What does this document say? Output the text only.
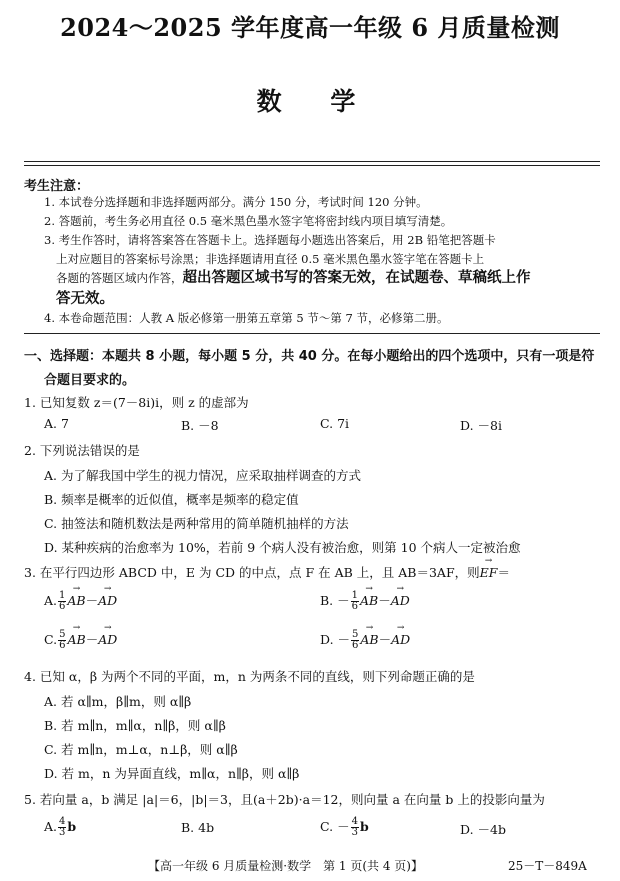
2024～2025 学年度高一年级 6 月质量检测
数 学
考生注意：
1. 本试卷分选择题和非选择题两部分。满分 150 分，考试时间 120 分钟。
2. 答题前，考生务必用直径 0.5 毫米黑色墨水签字笔将密封线内项目填写清楚。
3. 考生作答时，请将答案答在答题卡上。选择题每小题选出答案后，用 2B 铅笔把答题卡
上对应题目的答案标号涂黑；非选择题请用直径 0.5 毫米黑色墨水签字笔在答题卡上
各题的答题区域内作答，超出答题区域书写的答案无效，在试题卷、草稿纸上作
答无效。
4. 本卷命题范围：人教 A 版必修第一册第五章第 5 节～第 7 节，必修第二册。
一、选择题：本题共 8 小题，每小题 5 分，共 40 分。在每小题给出的四个选项中，只有一项是符
合题目要求的。
1. 已知复数 z＝(7－8i)i，则 z 的虚部为
A. 7	B. －8	C. 7i	D. －8i
2. 下列说法错误的是
A. 为了解我国中学生的视力情况，应采取抽样调查的方式
B. 频率是概率的近似值，概率是频率的稳定值
C. 抽签法和随机数法是两种常用的简单随机抽样的方法
D. 某种疾病的治愈率为 10%，若前 9 个病人没有被治愈，则第 10 个病人一定被治愈
3. 在平行四边形 ABCD 中，E 为 CD 的中点，点 F 在 AB 上，且 AB＝3AF，则→ EF＝
A. $\frac{1}{6}$
→ AB－→ AD	B. － $\frac{1}{6}$
→ AB－→ AD
C. $\frac{5}{6}$
→ AB－→ AD	D. － $\frac{5}{6}$
→ AB－→ AD
4. 已知 α，β 为两个不同的平面，m，n 为两条不同的直线，则下列命题正确的是
A. 若 α∥m，β∥m，则 α∥β
B. 若 m∥n，m∥α，n∥β，则 α∥β
C. 若 m∥n，m⊥α，n⊥β，则 α∥β
D. 若 m，n 为异面直线，m∥α，n∥β，则 α∥β
5. 若向量 a，b 满足 |a|＝6，|b|＝3，且(a＋2b)·a＝12，则向量 a 在向量 b 上的投影向量为
A. $\frac{4}{3}$ b	B. 4b	C. － $\frac{4}{3}$ b	D. －4b
【高一年级 6 月质量检测·数学　第 1 页(共 4 页)】	25－T－849A
